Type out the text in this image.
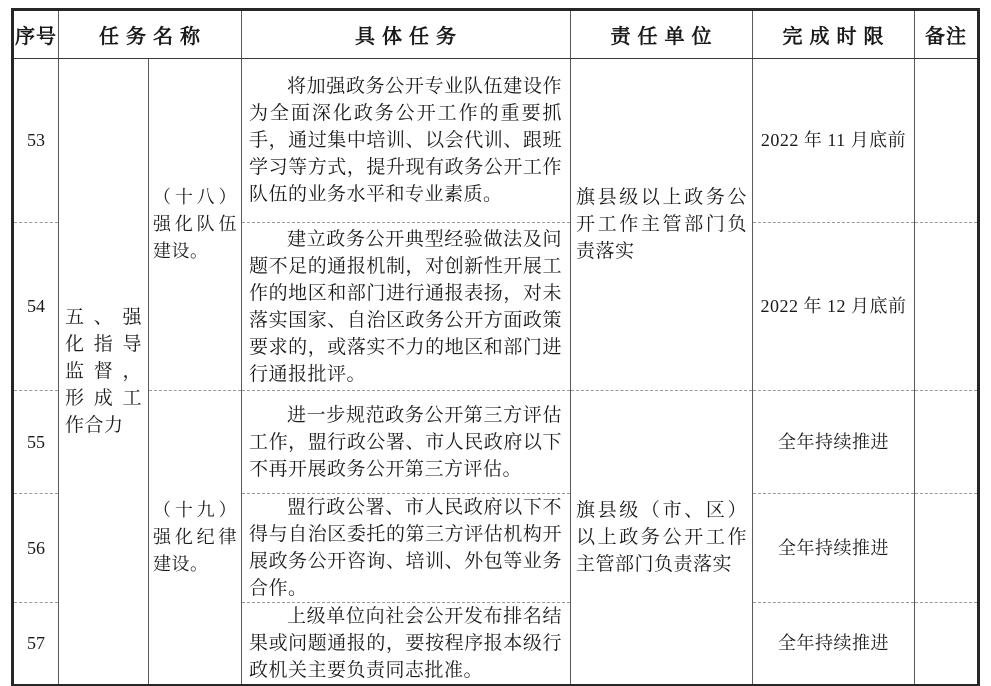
序号	任 务 名 称		具 体 任 务	责 任 单 位	完 成 时 限	备注
53	五、强化指导监督，形成工作合力	（十八）强化队伍建设。	将加强政务公开专业队伍建设作为全面深化政务公开工作的重要抓手，通过集中培训、以会代训、跟班学习等方式，提升现有政务公开工作队伍的业务水平和专业素质。	旗县级以上政务公开工作主管部门负责落实	2022 年 11 月底前	
54			建立政务公开典型经验做法及问题不足的通报机制，对创新性开展工作的地区和部门进行通报表扬，对未落实国家、自治区政务公开方面政策要求的，或落实不力的地区和部门进行通报批评。		2022 年 12 月底前	
55		（十九）强化纪律建设。	进一步规范政务公开第三方评估工作，盟行政公署、市人民政府以下不再开展政务公开第三方评估。	旗县级（市、区）以上政务公开工作主管部门负责落实	全年持续推进	
56			盟行政公署、市人民政府以下不得与自治区委托的第三方评估机构开展政务公开咨询、培训、外包等业务合作。		全年持续推进	
57			上级单位向社会公开发布排名结果或问题通报的，要按程序报本级行政机关主要负责同志批准。		全年持续推进	
